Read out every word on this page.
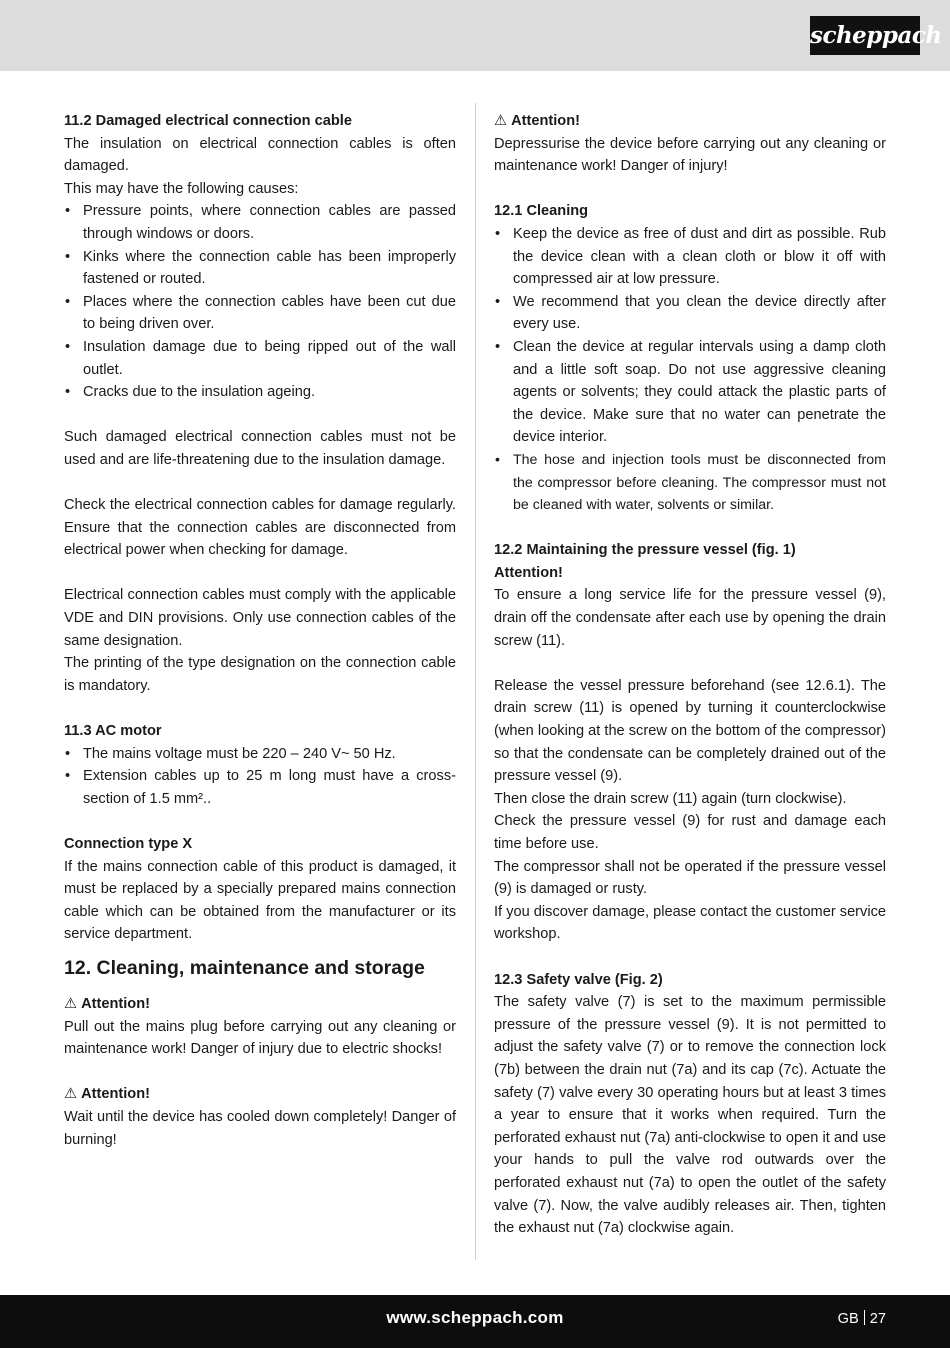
scheppach

11.2 Damaged electrical connection cable

The insulation on electrical connection cables is often damaged.

This may have the following causes:

• Pressure points, where connection cables are passed through windows or doors.
• Kinks where the connection cable has been improperly fastened or routed.
• Places where the connection cables have been cut due to being driven over.
• Insulation damage due to being ripped out of the wall outlet.
• Cracks due to the insulation ageing.

Such damaged electrical connection cables must not be used and are life-threatening due to the insulation damage.

Check the electrical connection cables for damage regularly. Ensure that the connection cables are disconnected from electrical power when checking for damage.

Electrical connection cables must comply with the applicable VDE and DIN provisions. Only use connection cables of the same designation.

The printing of the type designation on the connection cable is mandatory.

11.3 AC motor

• The mains voltage must be 220 – 240 V~ 50 Hz.
• Extension cables up to 25 m long must have a cross-section of 1.5 mm²..

Connection type X

If the mains connection cable of this product is damaged, it must be replaced by a specially prepared mains connection cable which can be obtained from the manufacturer or its service department.

12. Cleaning, maintenance and storage

⚠ Attention!

Pull out the mains plug before carrying out any cleaning or maintenance work! Danger of injury due to electric shocks!

⚠ Attention!

Wait until the device has cooled down completely! Danger of burning!

⚠ Attention!

Depressurise the device before carrying out any cleaning or maintenance work! Danger of injury!

12.1 Cleaning

• Keep the device as free of dust and dirt as possible. Rub the device clean with a clean cloth or blow it off with compressed air at low pressure.
• We recommend that you clean the device directly after every use.
• Clean the device at regular intervals using a damp cloth and a little soft soap. Do not use aggressive cleaning agents or solvents; they could attack the plastic parts of the device. Make sure that no water can penetrate the device interior.
• The hose and injection tools must be disconnected from the compressor before cleaning. The compressor must not be cleaned with water, solvents or similar.

12.2 Maintaining the pressure vessel (fig. 1)

Attention!

To ensure a long service life for the pressure vessel (9), drain off the condensate after each use by opening the drain screw (11).

Release the vessel pressure beforehand (see 12.6.1). The drain screw (11) is opened by turning it counterclockwise (when looking at the screw on the bottom of the compressor) so that the condensate can be completely drained out of the pressure vessel (9).

Then close the drain screw (11) again (turn clockwise).

Check the pressure vessel (9) for rust and damage each time before use.

The compressor shall not be operated if the pressure vessel (9) is damaged or rusty.

If you discover damage, please contact the customer service workshop.

12.3 Safety valve (Fig. 2)

The safety valve (7) is set to the maximum permissible pressure of the pressure vessel (9). It is not permitted to adjust the safety valve (7) or to remove the connection lock (7b) between the drain nut (7a) and its cap (7c). Actuate the safety (7) valve every 30 operating hours but at least 3 times a year to ensure that it works when required. Turn the perforated exhaust nut (7a) anti-clockwise to open it and use your hands to pull the valve rod outwards over the perforated exhaust nut (7a) to open the outlet of the safety valve (7). Now, the valve audibly releases air. Then, tighten the exhaust nut (7a) clockwise again.

www.scheppach.com	GB 27
